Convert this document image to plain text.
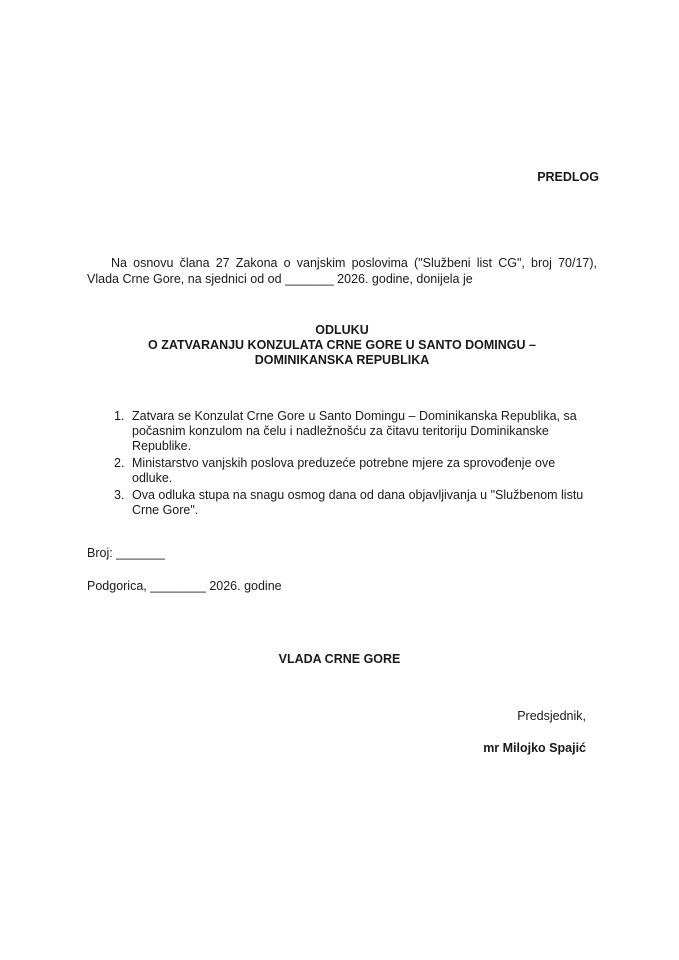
PREDLOG
Na osnovu člana 27 Zakona o vanjskim poslovima ("Službeni list CG", broj 70/17),
Vlada Crne Gore, na sjednici od od _______ 2026. godine, donijela je
ODLUKU
O ZATVARANJU KONZULATA CRNE GORE U SANTO DOMINGU –
DOMINIKANSKA REPUBLIKA
1. Zatvara se Konzulat Crne Gore u Santo Domingu – Dominikanska Republika, sa počasnim konzulom na čelu i nadležnošću za čitavu teritoriju Dominikanske Republike.
2. Ministarstvo vanjskih poslova preduzeće potrebne mjere za sprovođenje ove odluke.
3. Ova odluka stupa na snagu osmog dana od dana objavljivanja u "Službenom listu Crne Gore".
Broj: _______
Podgorica, ________ 2026. godine
VLADA CRNE GORE
Predsjednik,
mr Milojko Spajić
